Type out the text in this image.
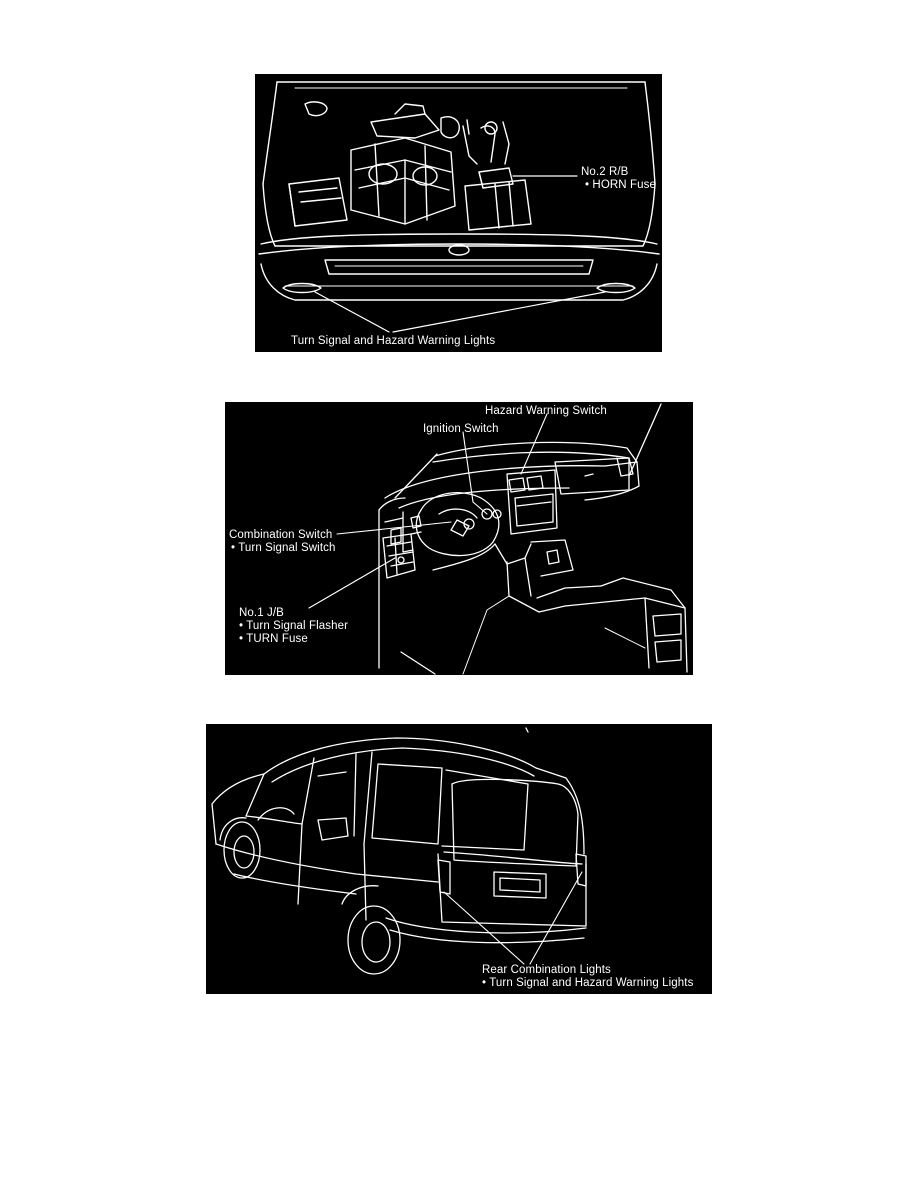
No.2 R/B
• HORN Fuse
Turn Signal and Hazard Warning Lights
Hazard Warning Switch
Ignition Switch
Combination Switch
• Turn Signal Switch
No.1 J/B
• Turn Signal Flasher
• TURN Fuse
Rear Combination Lights
• Turn Signal and Hazard Warning Lights
